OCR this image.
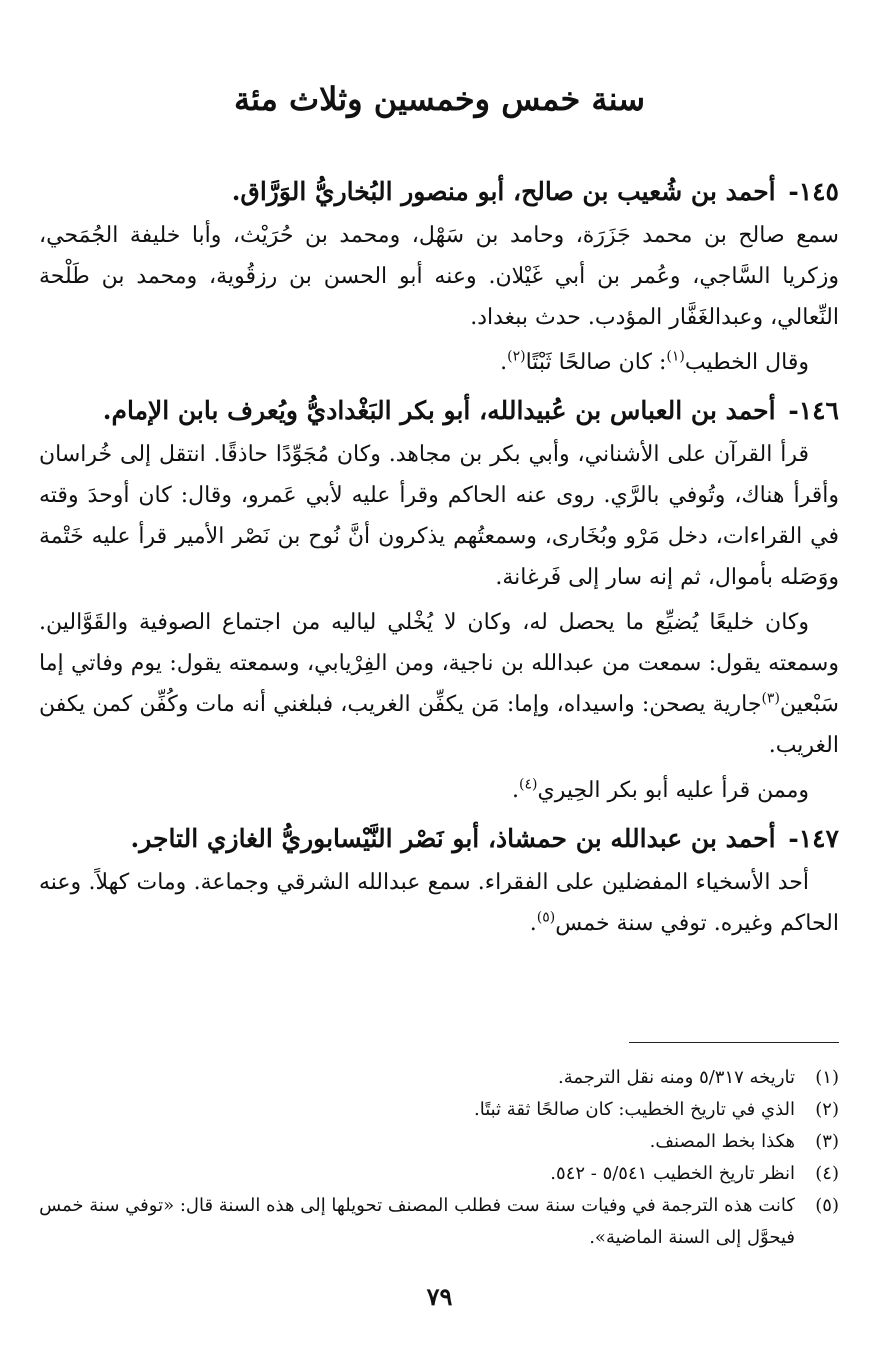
سنة خمس وخمسين وثلاث مئة

١٤٥- أحمد بن شُعيب بن صالح، أبو منصور البُخاريُّ الوَرَّاق.

سمع صالح بن محمد جَزَرَة، وحامد بن سَهْل، ومحمد بن حُرَيْث، وأبا خليفة الجُمَحي، وزكريا السَّاجي، وعُمر بن أبي غَيْلان. وعنه أبو الحسن بن رزقُوية، ومحمد بن طَلْحة النِّعالي، وعبدالغَفَّار المؤدب. حدث ببغداد.

وقال الخطيب$^{(١)}$: كان صالحًا ثَبْتًا$^{(٢)}$.

١٤٦- أحمد بن العباس بن عُبيدالله، أبو بكر البَغْداديُّ ويُعرف بابن الإمام.

قرأ القرآن على الأشناني، وأبي بكر بن مجاهد. وكان مُجَوِّدًا حاذقًا. انتقل إلى خُراسان وأقرأ هناك، وتُوفي بالرَّي. روى عنه الحاكم وقرأ عليه لأبي عَمرو، وقال: كان أوحدَ وقته في القراءات، دخل مَرْو وبُخَارى، وسمعتُهم يذكرون أنَّ نُوح بن نَصْر الأمير قرأ عليه خَتْمة ووَصَله بأموال، ثم إنه سار إلى فَرغانة.

وكان خليعًا يُضيِّع ما يحصل له، وكان لا يُخْلي لياليه من اجتماع الصوفية والقَوَّالين. وسمعته يقول: سمعت من عبدالله بن ناجية، ومن الفِرْيابي، وسمعته يقول: يوم وفاتي إما سَبْعين$^{(٣)}$جارية يصحن: واسيداه، وإما: مَن يكفِّن الغريب، فبلغني أنه مات وكُفِّن كمن يكفن الغريب.

وممن قرأ عليه أبو بكر الحِيري$^{(٤)}$.

١٤٧- أحمد بن عبدالله بن حمشاذ، أبو نَصْر النَّيْسابوريُّ الغازي التاجر.

أحد الأسخياء المفضلين على الفقراء. سمع عبدالله الشرقي وجماعة. ومات كهلاً. وعنه الحاكم وغيره. توفي سنة خمس$^{(٥)}$.

(١)
تاريخه ٥/٣١٧ ومنه نقل الترجمة.
(٢)
الذي في تاريخ الخطيب: كان صالحًا ثقة ثبتًا.
(٣)
هكذا بخط المصنف.
(٤)
انظر تاريخ الخطيب ٥/٥٤١ - ٥٤٢.
(٥)
كانت هذه الترجمة في وفيات سنة ست فطلب المصنف تحويلها إلى هذه السنة قال: «توفي سنة خمس فيحوَّل إلى السنة الماضية».
٧٩
